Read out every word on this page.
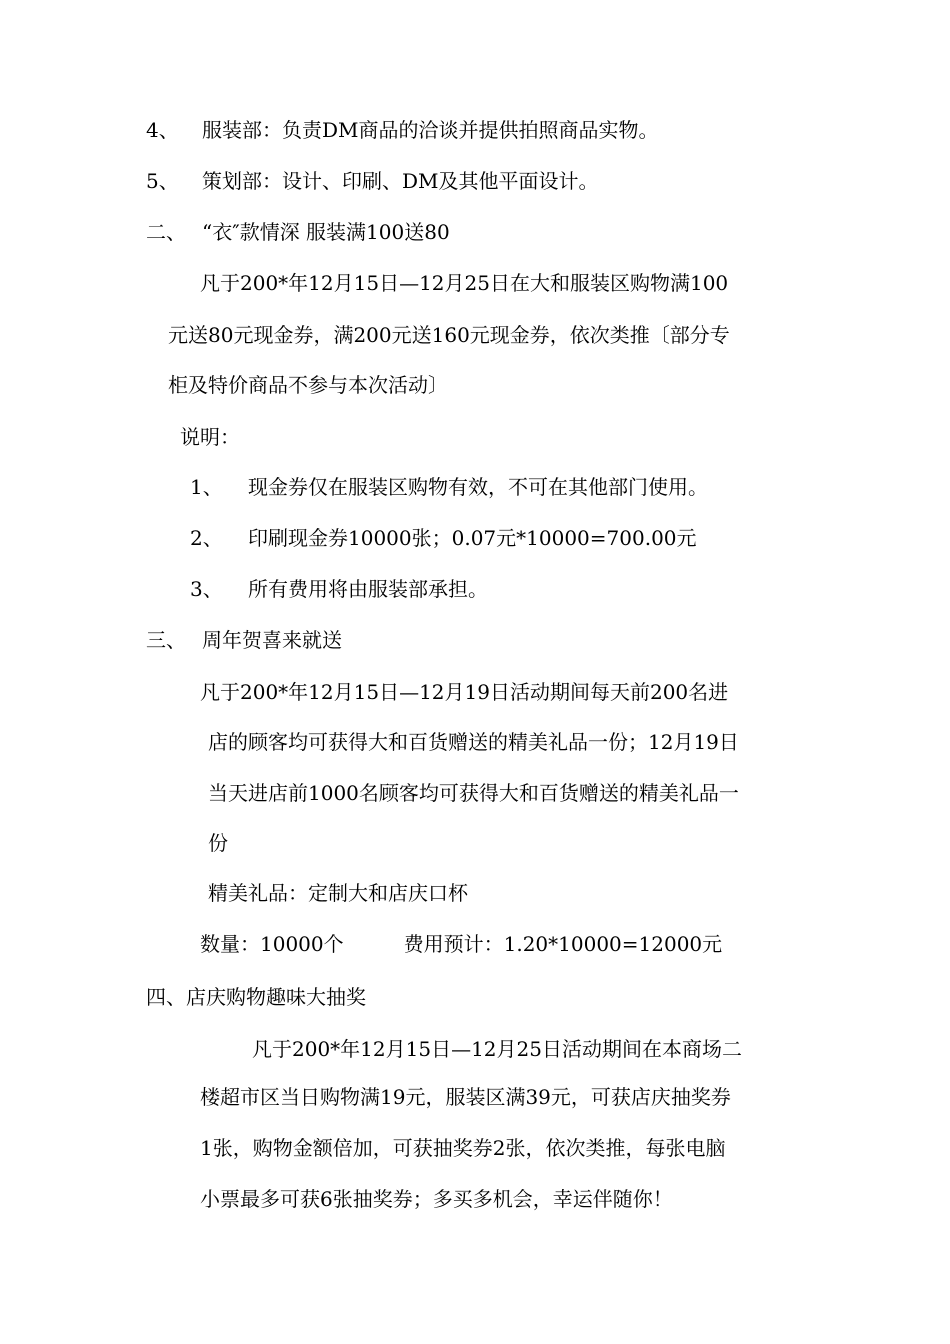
4、 服装部：负责DM商品的洽谈并提供拍照商品实物。
5、 策划部：设计、印刷、DM及其他平面设计。
二、 “衣″款情深 服装满100送80
凡于200*年12月15日—12月25日在大和服装区购物满100
元送80元现金券，满200元送160元现金券，依次类推〔部分专
柜及特价商品不参与本次活动〕
说明：
1、 现金券仅在服装区购物有效，不可在其他部门使用。
2、 印刷现金券10000张；0.07元*10000=700.00元
3、 所有费用将由服装部承担。
三、 周年贺喜来就送
凡于200*年12月15日—12月19日活动期间每天前200名进
店的顾客均可获得大和百货赠送的精美礼品一份；12月19日
当天进店前1000名顾客均可获得大和百货赠送的精美礼品一
份
精美礼品：定制大和店庆口杯
数量：10000个	费用预计：1.20*10000=12000元
四、店庆购物趣味大抽奖
凡于200*年12月15日—12月25日活动期间在本商场二
楼超市区当日购物满19元，服装区满39元，可获店庆抽奖券
1张，购物金额倍加，可获抽奖券2张，依次类推，每张电脑
小票最多可获6张抽奖券；多买多机会，幸运伴随你！
